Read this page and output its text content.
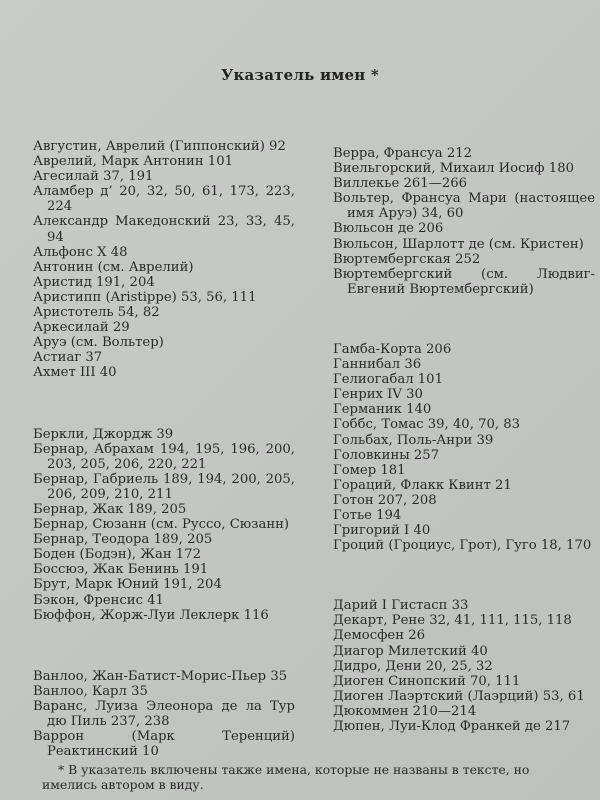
Указатель имен *
Августин, Аврелий (Гиппонский) 92
Аврелий, Марк Антонин 101
Агесилай 37, 191
Аламбер д’ 20, 32, 50, 61, 173, 223, 224
Александр Македонский 23, 33, 45, 94
Альфонс X 48
Антонин (см. Аврелий)
Аристид 191, 204
Аристипп (Aristippe) 53, 56, 111
Аристотель 54, 82
Аркесилай 29
Аруэ (см. Вольтер)
Астиаг 37
Ахмет III 40
Беркли, Джордж 39
Бернар, Абрахам 194, 195, 196, 200, 203, 205, 206, 220, 221
Бернар, Габриель 189, 194, 200, 205, 206, 209, 210, 211
Бернар, Жак 189, 205
Бернар, Сюзанн (см. Руссо, Сюзанн)
Бернар, Теодора 189, 205
Боден (Бодэн), Жан 172
Боссюэ, Жак Бенинь 191
Брут, Марк Юний 191, 204
Бэкон, Френсис 41
Бюффон, Жорж-Луи Леклерк 116
Ванлоо, Жан-Батист-Морис-Пьер 35
Ванлоо, Карл 35
Варанс, Луиза Элеонора де ла Тур дю Пиль 237, 238
Варрон (Марк Теренций) Реактинский 10
Верра, Франсуа 212
Виельгорский, Михаил Иосиф 180
Виллекье 261—266
Вольтер, Франсуа Мари (настоящее имя Аруэ) 34, 60
Вюльсон де 206
Вюльсон, Шарлотт де (см. Кристен)
Вюртембергская 252
Вюртембергский (см. Людвиг-Евгений Вюртембергский)
Гамба-Корта 206
Ганнибал 36
Гелиогабал 101
Генрих IV 30
Германик 140
Гоббс, Томас 39, 40, 70, 83
Гольбах, Поль-Анри 39
Головкины 257
Гомер 181
Гораций, Флакк Квинт 21
Готон 207, 208
Готье 194
Григорий I 40
Гроций (Гроциус, Грот), Гуго 18, 170
Дарий I Гистасп 33
Декарт, Рене 32, 41, 111, 115, 118
Демосфен 26
Диагор Милетский 40
Дидро, Дени 20, 25, 32
Диоген Синопский 70, 111
Диоген Лаэртский (Лаэрций) 53, 61
Дюкоммен 210—214
Дюпен, Луи-Клод Франкей де 217
* В указатель включены также имена, которые не названы в тексте, но имелись автором в виду.
